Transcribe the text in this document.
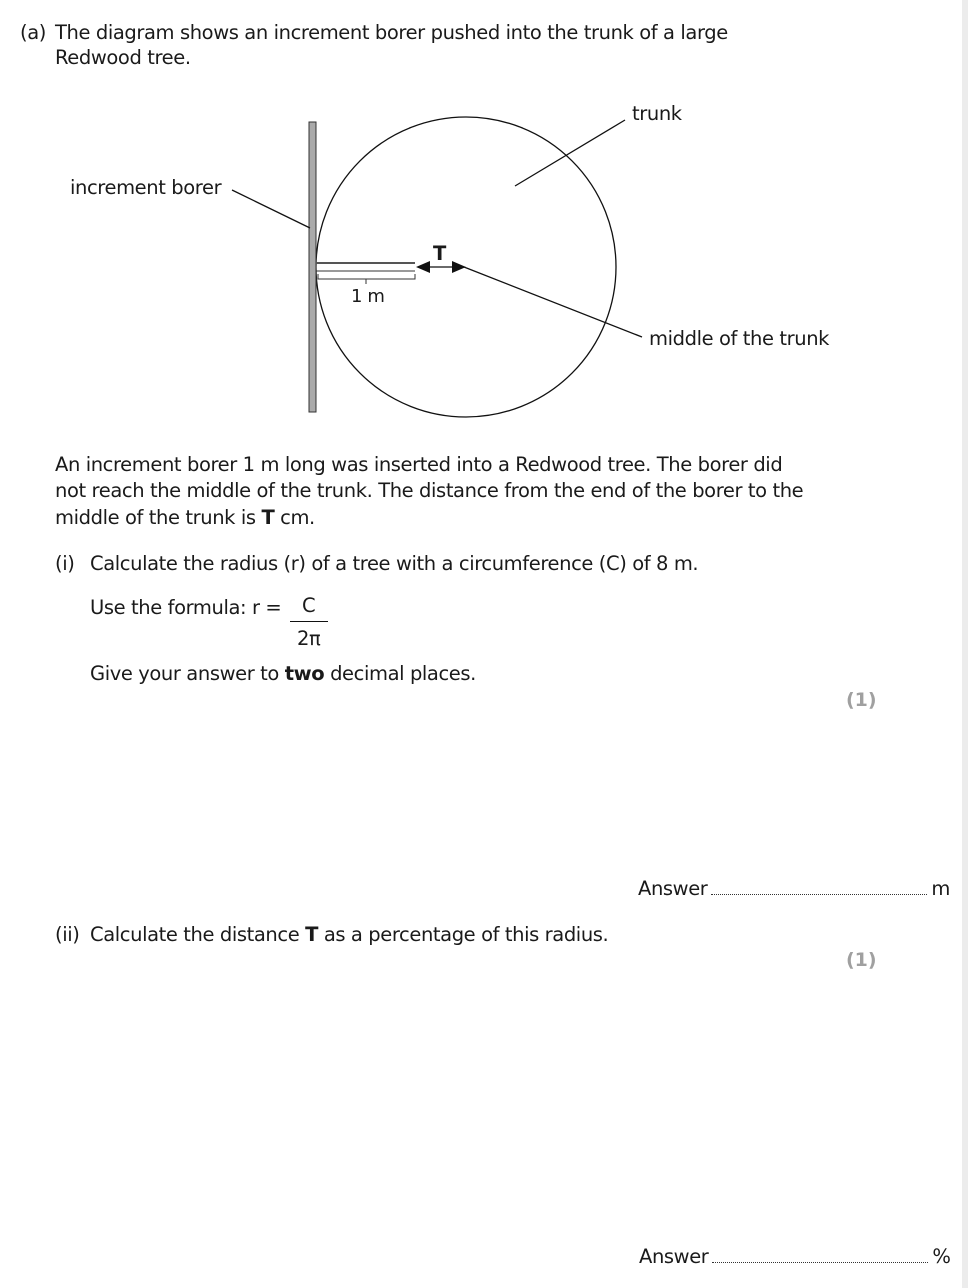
(a) The diagram shows an increment borer pushed into the trunk of a large
Redwood tree.
trunk
increment borer
middle of the trunk
T
1 m
An increment borer 1 m long was inserted into a Redwood tree. The borer did
not reach the middle of the trunk. The distance from the end of the borer to the
middle of the trunk is T cm.
(i) Calculate the radius (r) of a tree with a circumference (C) of 8 m.
Use the formula: r = C
2π
Give your answer to two decimal places.
(1)
Answer	m
(ii) Calculate the distance T as a percentage of this radius.
(1)
Answer	%
